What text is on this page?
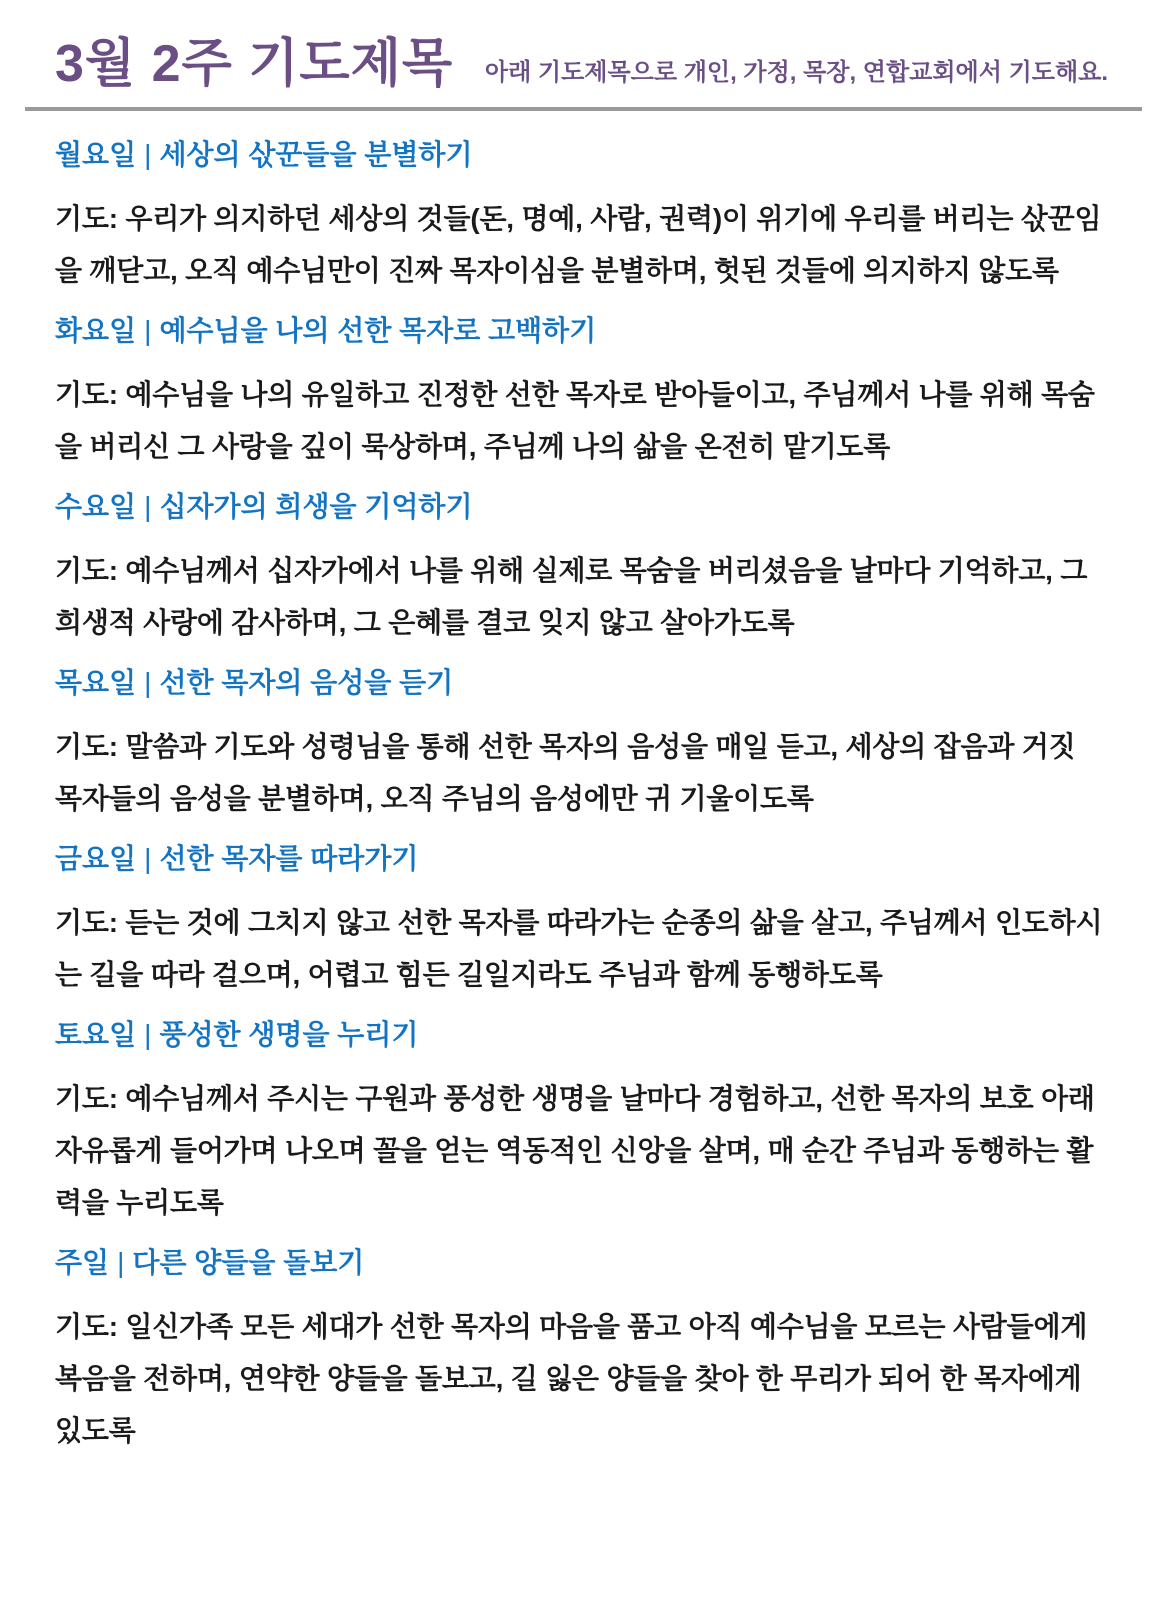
3월 2주 기도제목 아래 기도제목으로 개인, 가정, 목장, 연합교회에서 기도해요.
월요일 | 세상의 삯꾼들을 분별하기
기도: 우리가 의지하던 세상의 것들(돈, 명예, 사람, 권력)이 위기에 우리를 버리는 삯꾼임을 깨닫고, 오직 예수님만이 진짜 목자이심을 분별하며, 헛된 것들에 의지하지 않도록
화요일 | 예수님을 나의 선한 목자로 고백하기
기도: 예수님을 나의 유일하고 진정한 선한 목자로 받아들이고, 주님께서 나를 위해 목숨을 버리신 그 사랑을 깊이 묵상하며, 주님께 나의 삶을 온전히 맡기도록
수요일 | 십자가의 희생을 기억하기
기도: 예수님께서 십자가에서 나를 위해 실제로 목숨을 버리셨음을 날마다 기억하고, 그 희생적 사랑에 감사하며, 그 은혜를 결코 잊지 않고 살아가도록
목요일 | 선한 목자의 음성을 듣기
기도: 말씀과 기도와 성령님을 통해 선한 목자의 음성을 매일 듣고, 세상의 잡음과 거짓 목자들의 음성을 분별하며, 오직 주님의 음성에만 귀 기울이도록
금요일 | 선한 목자를 따라가기
기도: 듣는 것에 그치지 않고 선한 목자를 따라가는 순종의 삶을 살고, 주님께서 인도하시는 길을 따라 걸으며, 어렵고 힘든 길일지라도 주님과 함께 동행하도록
토요일 | 풍성한 생명을 누리기
기도: 예수님께서 주시는 구원과 풍성한 생명을 날마다 경험하고, 선한 목자의 보호 아래 자유롭게 들어가며 나오며 꼴을 얻는 역동적인 신앙을 살며, 매 순간 주님과 동행하는 활력을 누리도록
주일 | 다른 양들을 돌보기
기도: 일신가족 모든 세대가 선한 목자의 마음을 품고 아직 예수님을 모르는 사람들에게 복음을 전하며, 연약한 양들을 돌보고, 길 잃은 양들을 찾아 한 무리가 되어 한 목자에게 있도록
